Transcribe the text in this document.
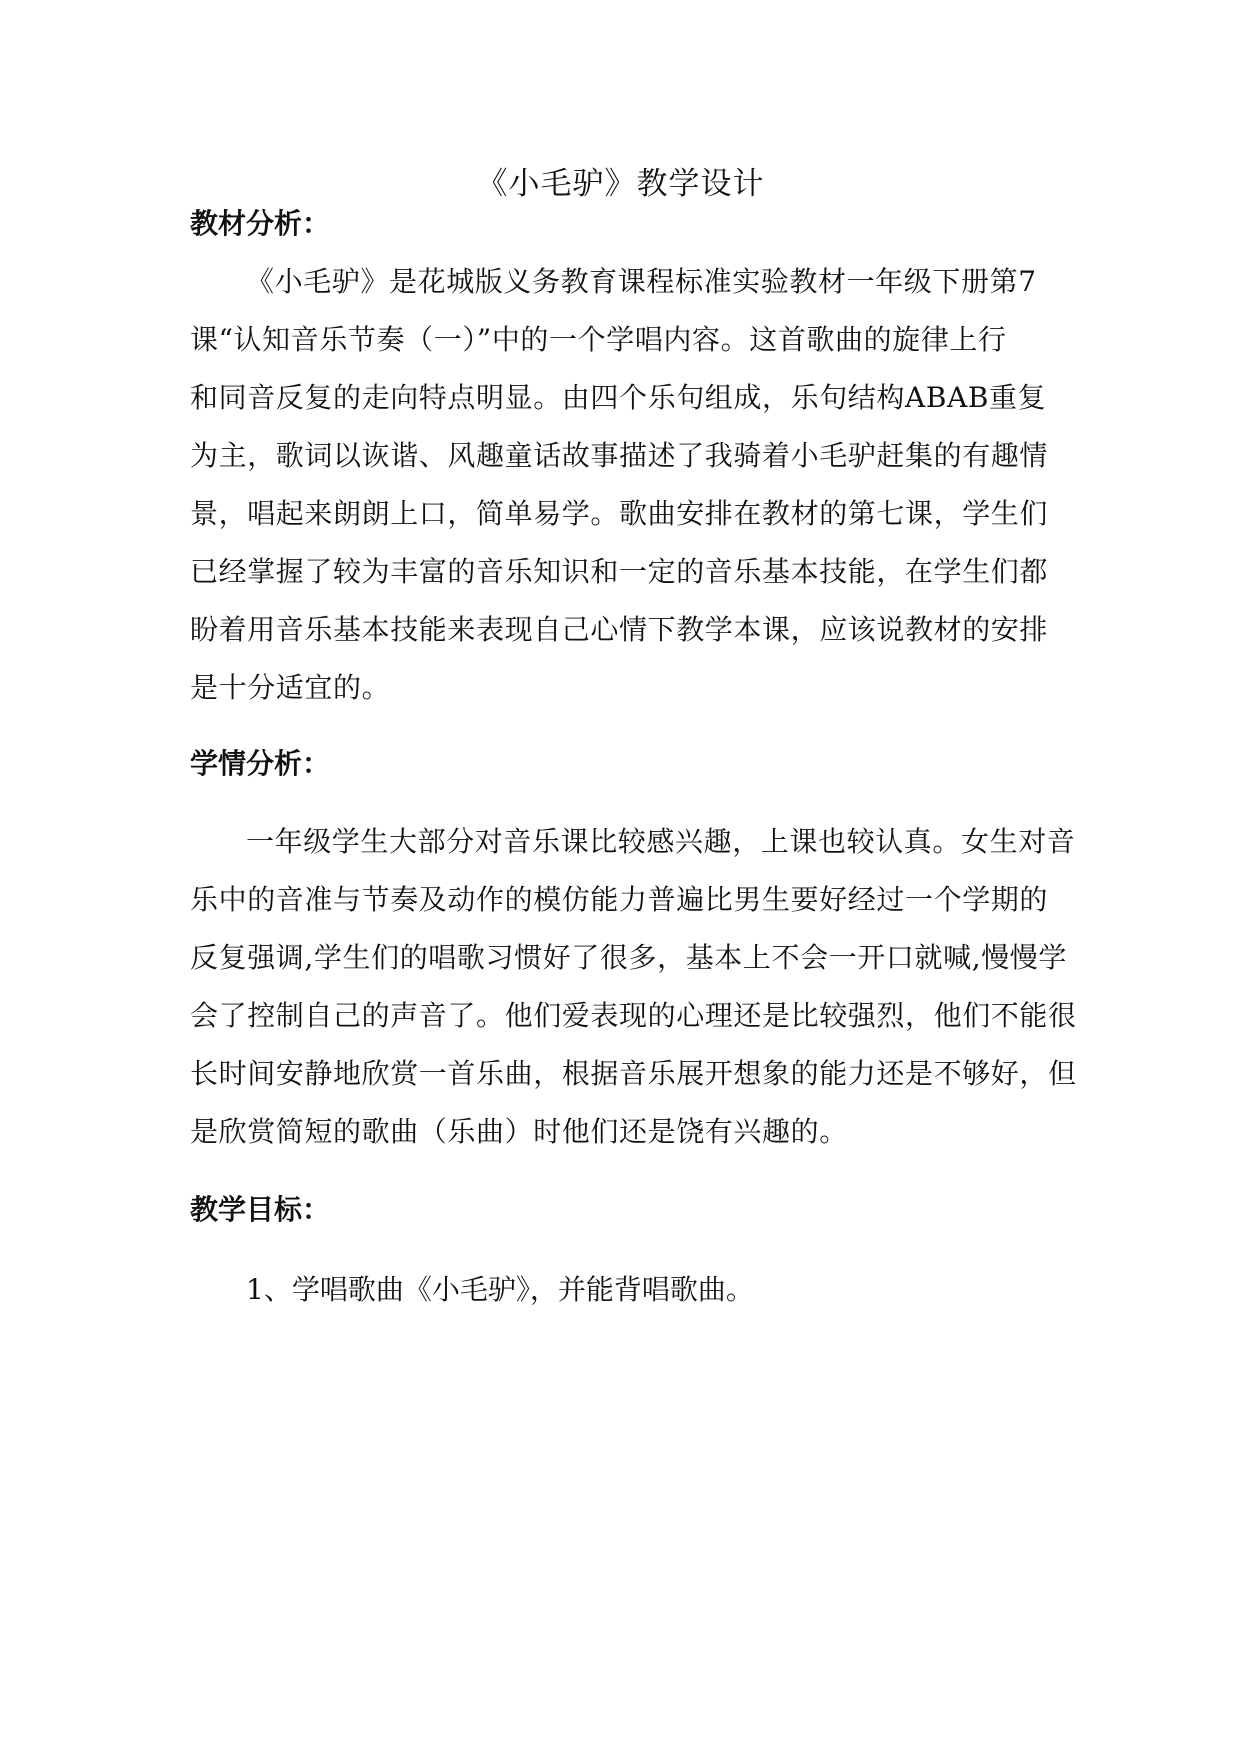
《小毛驴》教学设计
教材分析：
《小毛驴》是花城版义务教育课程标准实验教材一年级下册第7
课“认知音乐节奏（一）”中的一个学唱内容。这首歌曲的旋律上行
和同音反复的走向特点明显。由四个乐句组成，乐句结构ABAB重复
为主，歌词以诙谐、风趣童话故事描述了我骑着小毛驴赶集的有趣情
景，唱起来朗朗上口，简单易学。歌曲安排在教材的第七课，学生们
已经掌握了较为丰富的音乐知识和一定的音乐基本技能，在学生们都
盼着用音乐基本技能来表现自己心情下教学本课，应该说教材的安排
是十分适宜的。
学情分析：
一年级学生大部分对音乐课比较感兴趣，上课也较认真。女生对音
乐中的音准与节奏及动作的模仿能力普遍比男生要好经过一个学期的
反复强调,学生们的唱歌习惯好了很多，基本上不会一开口就喊,慢慢学
会了控制自己的声音了。他们爱表现的心理还是比较强烈，他们不能很
长时间安静地欣赏一首乐曲，根据音乐展开想象的能力还是不够好，但
是欣赏简短的歌曲（乐曲）时他们还是饶有兴趣的。
教学目标：
1、学唱歌曲《小毛驴》，并能背唱歌曲。
